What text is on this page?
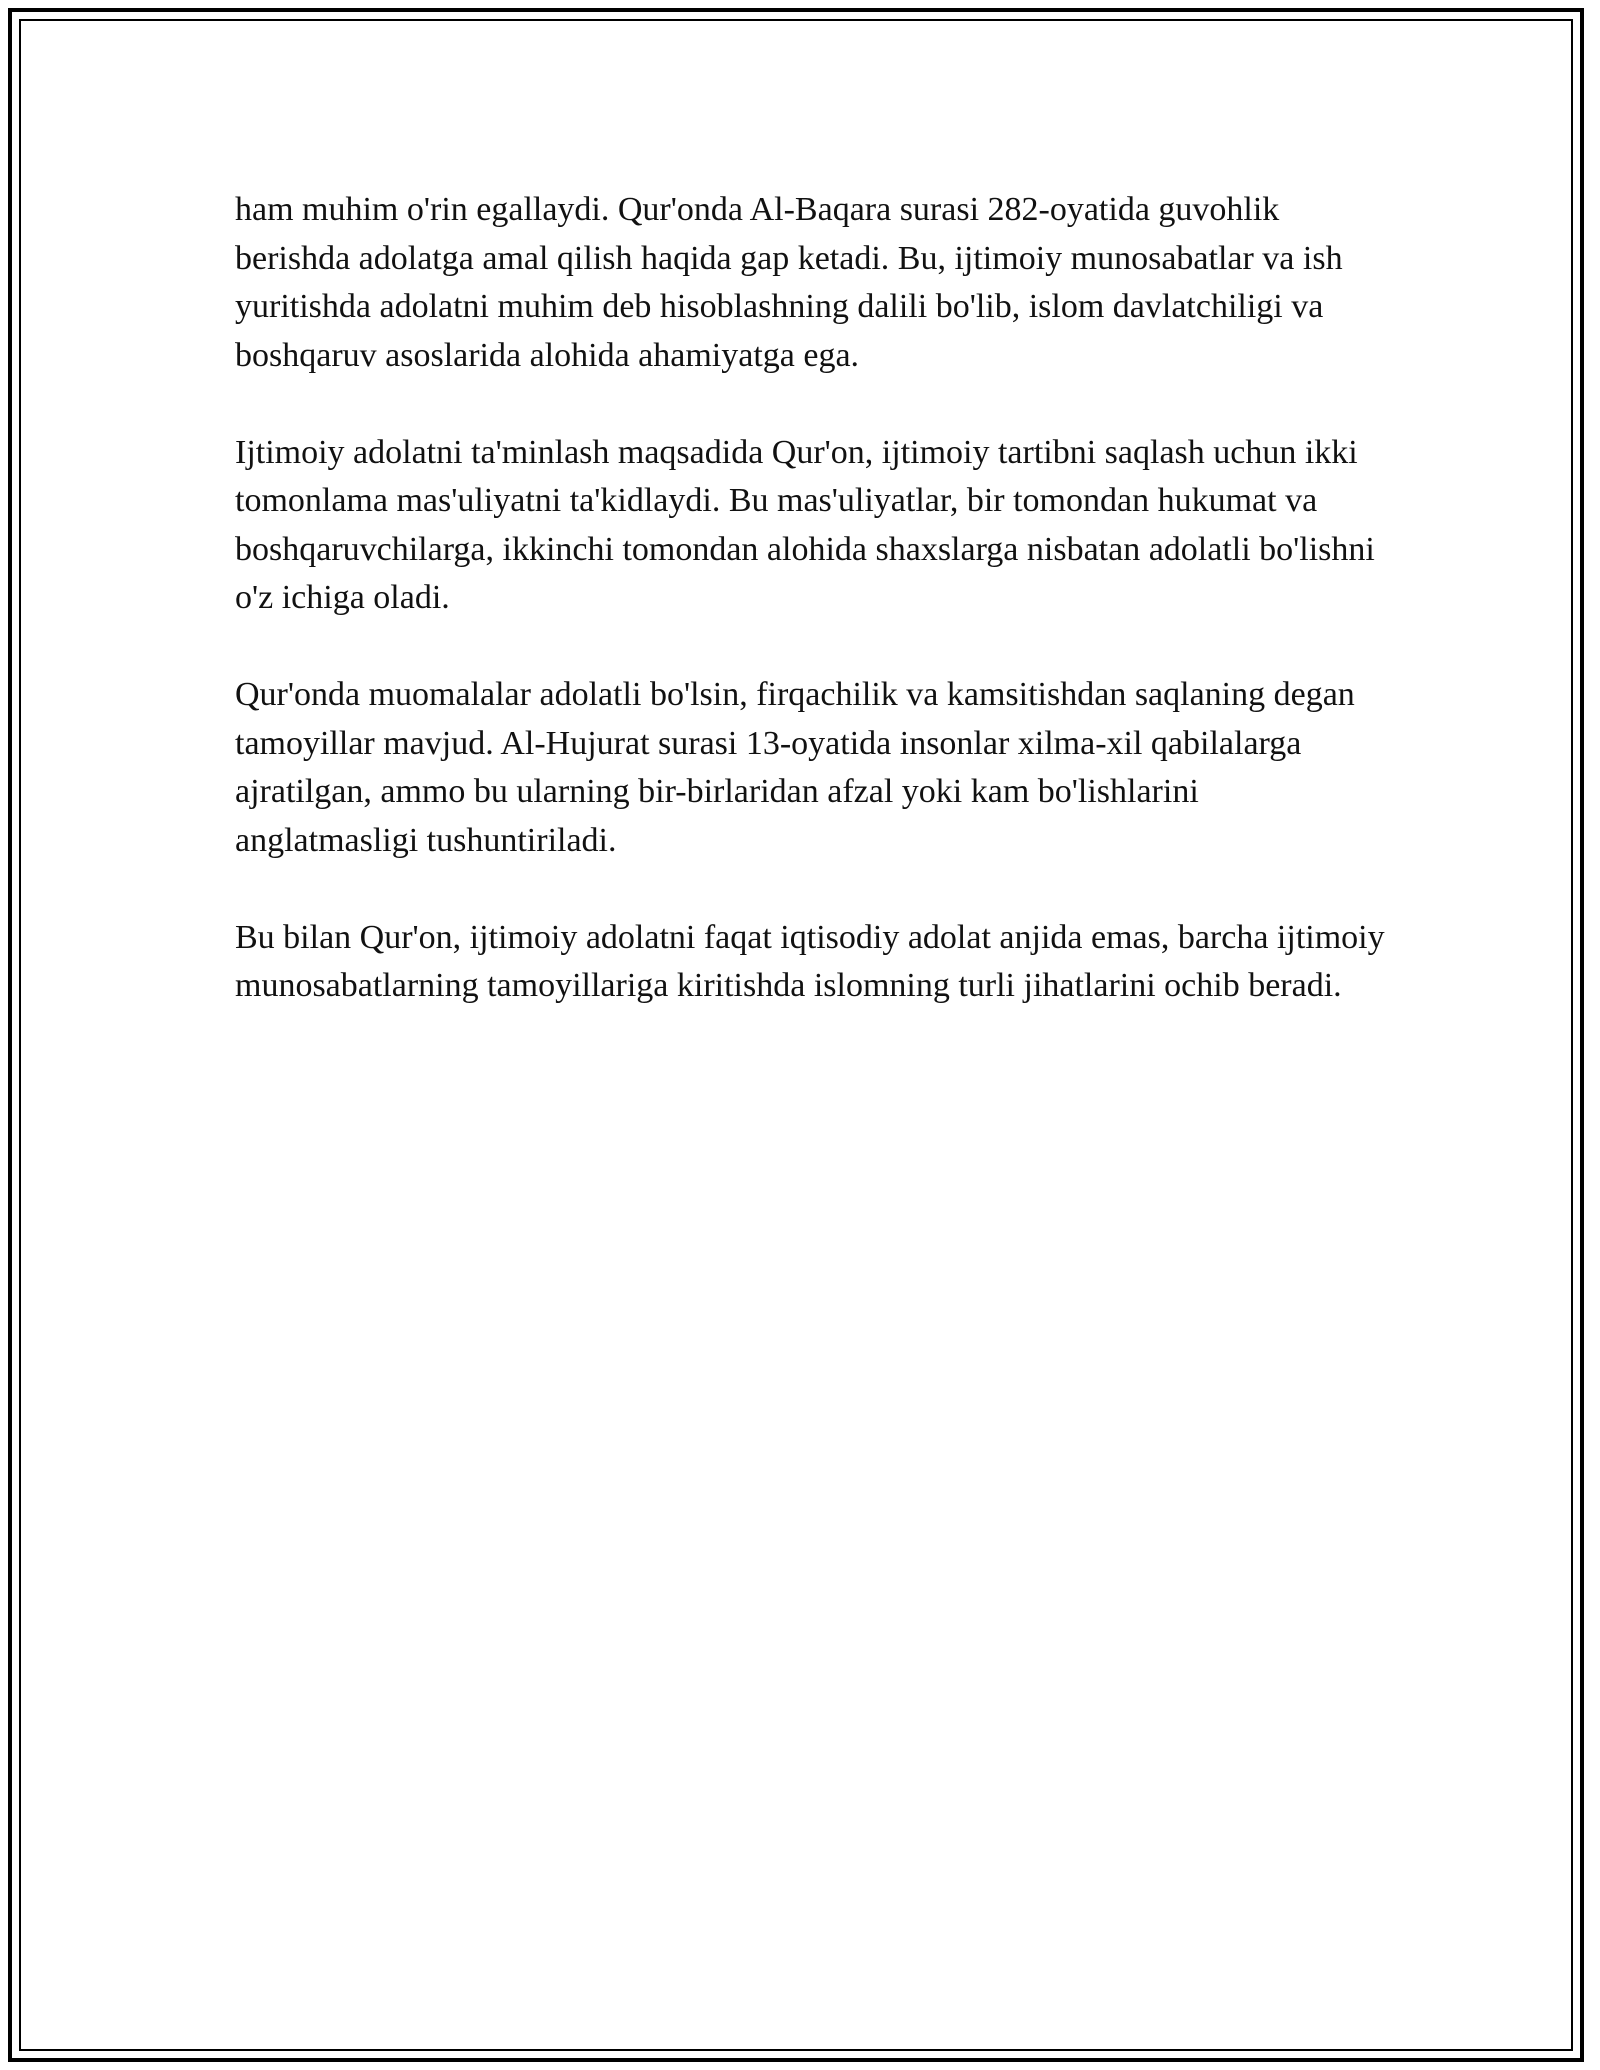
ham muhim o'rin egallaydi. Qur'onda Al-Baqara surasi 282-oyatida guvohlik berishda adolatga amal qilish haqida gap ketadi. Bu, ijtimoiy munosabatlar va ish yuritishda adolatni muhim deb hisoblashning dalili bo'lib, islom davlatchiligi va boshqaruv asoslarida alohida ahamiyatga ega.

Ijtimoiy adolatni ta'minlash maqsadida Qur'on, ijtimoiy tartibni saqlash uchun ikki tomonlama mas'uliyatni ta'kidlaydi. Bu mas'uliyatlar, bir tomondan hukumat va boshqaruvchilarga, ikkinchi tomondan alohida shaxslarga nisbatan adolatli bo'lishni o'z ichiga oladi.

Qur'onda muomalalar adolatli bo'lsin, firqachilik va kamsitishdan saqlaning degan tamoyillar mavjud. Al-Hujurat surasi 13-oyatida insonlar xilma-xil qabilalarga ajratilgan, ammo bu ularning bir-birlaridan afzal yoki kam bo'lishlarini anglatmasligi tushuntiriladi.

Bu bilan Qur'on, ijtimoiy adolatni faqat iqtisodiy adolat anjida emas, barcha ijtimoiy munosabatlarning tamoyillariga kiritishda islomning turli jihatlarini ochib beradi.
